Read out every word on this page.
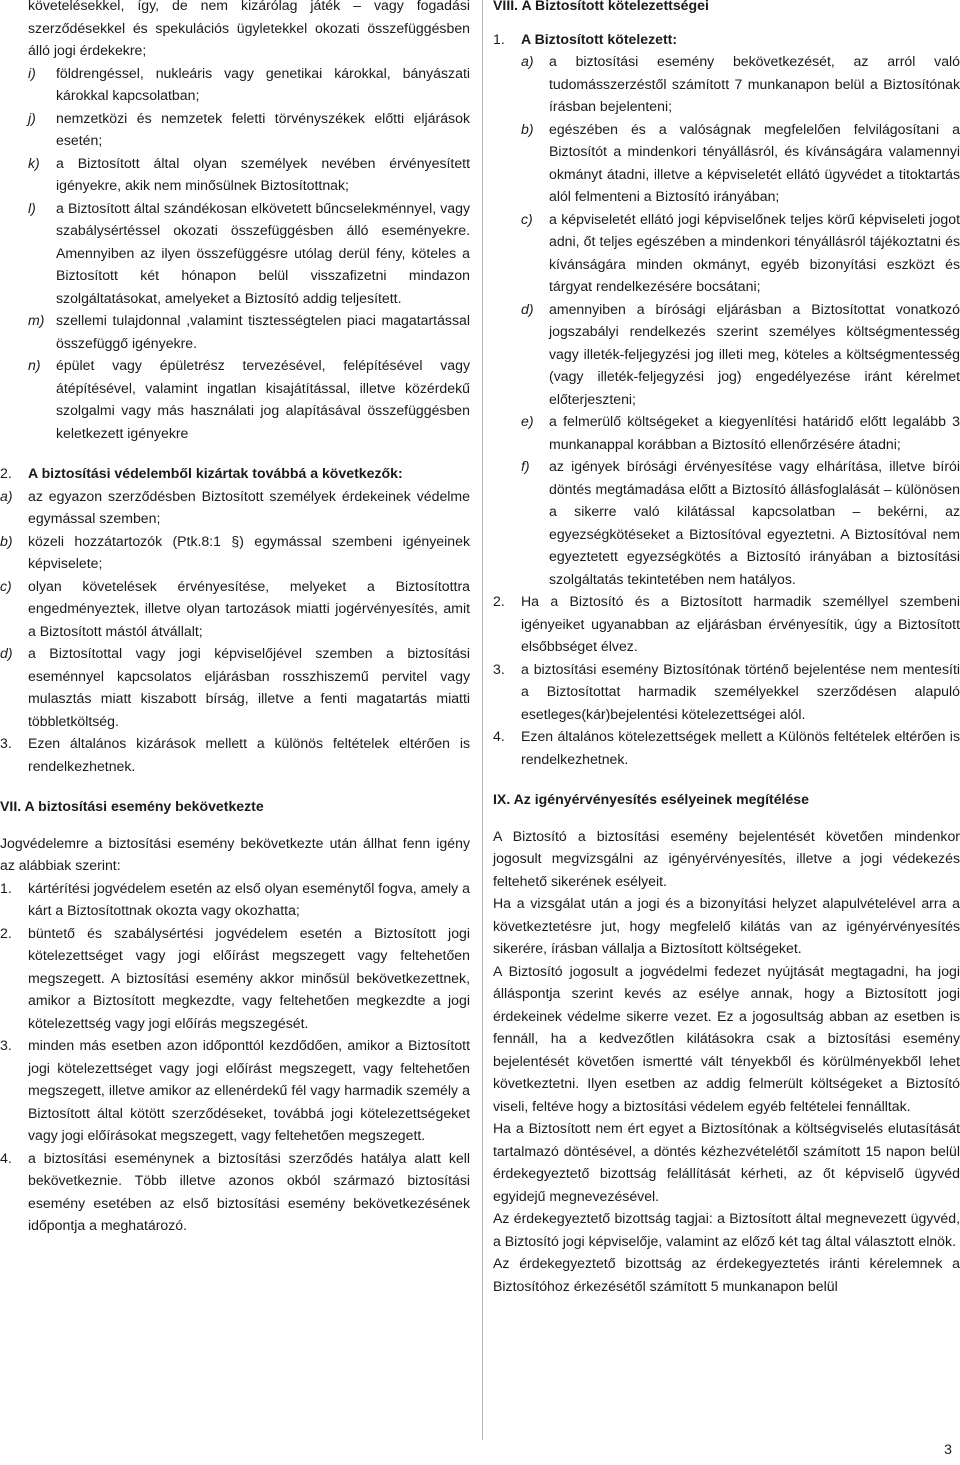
követelésekkel, így, de nem kizárólag játék – vagy fogadási szerződésekkel és spekulációs ügyletekkel okozati összefüggésben álló jogi érdekekre;

i)	földrengéssel, nukleáris vagy genetikai károkkal, bányászati károkkal kapcsolatban;
j)	nemzetközi és nemzetek feletti törvényszékek előtti eljárások esetén;
k)	a Biztosított által olyan személyek nevében érvényesített igényekre, akik nem minősülnek Biztosítottnak;
l)	a Biztosított által szándékosan elkövetett bűncselekménnyel, vagy szabálysértéssel okozati összefüggésben álló eseményekre. Amennyiben az ilyen összefüggésre utólag derül fény, köteles a Biztosított két hónapon belül visszafizetni mindazon szolgáltatásokat, amelyeket a Biztosító addig teljesített.
m) szellemi tulajdonnal ,valamint tisztességtelen piaci magatartással összefüggő igényekre.
n)	épület vagy épületrész tervezésével, felépítésével vagy átépítésével, valamint ingatlan kisajátítással, illetve közérdekű szolgalmi vagy más használati jog alapításával összefüggésben keletkezett igényekre
2.	A biztosítási védelemből kizártak továbbá a következők:
a)	az egyazon szerződésben Biztosított személyek érdekeinek védelme egymással szemben;
b)	közeli hozzátartozók (Ptk.8:1 §) egymással szembeni igényeinek képviselete;
c)	olyan követelések érvényesítése, melyeket a Biztosítottra engedményeztek, illetve olyan tartozások miatti jogérvényesítés, amit a Biztosított mástól átvállalt;
d)	a Biztosítottal vagy jogi képviselőjével szemben a biztosítási eseménnyel kapcsolatos eljárásban rosszhiszemű pervitel vagy mulasztás miatt kiszabott bírság, illetve a fenti magatartás miatti többletköltség.
3.	Ezen általános kizárások mellett a különös feltételek eltérően is rendelkezhetnek.

VII. A biztosítási esemény bekövetkezte

Jogvédelemre a biztosítási esemény bekövetkezte után állhat fenn igény az alábbiak szerint:

1.	kártérítési jogvédelem esetén az első olyan eseménytől fogva, amely a kárt a Biztosítottnak okozta vagy okozhatta;
2.	büntető és szabálysértési jogvédelem esetén a Biztosított jogi kötelezettséget vagy jogi előírást megszegett vagy feltehetően megszegett. A biztosítási esemény akkor minősül bekövetkezettnek, amikor a Biztosított megkezdte, vagy feltehetően megkezdte a jogi kötelezettség vagy jogi előírás megszegését.
3.	minden más esetben azon időponttól kezdődően, amikor a Biztosított jogi kötelezettséget vagy jogi előírást megszegett, vagy feltehetően megszegett, illetve amikor az ellenérdekű fél vagy harmadik személy a Biztosított által kötött szerződéseket, továbbá jogi kötelezettségeket vagy jogi előírásokat megszegett, vagy feltehetően megszegett.
4.	a biztosítási eseménynek a biztosítási szerződés hatálya alatt kell bekövetkeznie. Több illetve azonos okból származó biztosítási esemény esetében az első biztosítási esemény bekövetkezésének időpontja a meghatározó.

VIII. A Biztosított kötelezettségei

1.	A Biztosított kötelezett:
a)	a biztosítási esemény bekövetkezését, az arról való tudomásszerzéstől számított 7 munkanapon belül a Biztosítónak írásban bejelenteni;
b)	egészében és a valóságnak megfelelően felvilágosítani a Biztosítót a mindenkori tényállásról, és kívánságára valamennyi okmányt átadni, illetve a képviseletét ellátó ügyvédet a titoktartás alól felmenteni a Biztosító irányában;
c)	a képviseletét ellátó jogi képviselőnek teljes körű képviseleti jogot adni, őt teljes egészében a mindenkori tényállásról tájékoztatni és kívánságára minden okmányt, egyéb bizonyítási eszközt és tárgyat rendelkezésére bocsátani;
d)	amennyiben a bírósági eljárásban a Biztosítottat vonatkozó jogszabályi rendelkezés szerint személyes költségmentesség vagy illeték-feljegyzési jog illeti meg, köteles a költségmentesség (vagy illeték-feljegyzési jog) engedélyezése iránt kérelmet előterjeszteni;
e)	a felmerülő költségeket a kiegyenlítési határidő előtt legalább 3 munkanappal korábban a Biztosító ellenőrzésére átadni;
f)	az igények bírósági érvényesítése vagy elhárítása, illetve bírói döntés megtámadása előtt a Biztosító állásfoglalását – különösen a sikerre való kilátással kapcsolatban – bekérni, az egyezségkötéseket a Biztosítóval egyeztetni. A Biztosítóval nem egyeztetett egyezségkötés a Biztosító irányában a biztosítási szolgáltatás tekintetében nem hatályos.
2.	Ha a Biztosító és a Biztosított harmadik személlyel szembeni igényeiket ugyanabban az eljárásban érvényesítik, úgy a Biztosított elsőbbséget élvez.
3.	a biztosítási esemény Biztosítónak történő bejelentése nem mentesíti a Biztosítottat harmadik személyekkel szerződésen alapuló esetleges(kár)bejelentési kötelezettségei alól.
4.	Ezen általános kötelezettségek mellett a Különös feltételek eltérően is rendelkezhetnek.

IX. Az igényérvényesítés esélyeinek megítélése

A Biztosító a biztosítási esemény bejelentését követően mindenkor jogosult megvizsgálni az igényérvényesítés, illetve a jogi védekezés feltehető sikerének esélyeit.

Ha a vizsgálat után a jogi és a bizonyítási helyzet alapulvételével arra a következtetésre jut, hogy megfelelő kilátás van az igényérvényesítés sikerére, írásban vállalja a Biztosított költségeket.

A Biztosító jogosult a jogvédelmi fedezet nyújtását megtagadni, ha jogi álláspontja szerint kevés az esélye annak, hogy a Biztosított jogi érdekeinek védelme sikerre vezet. Ez a jogosultság abban az esetben is fennáll, ha a kedvezőtlen kilátásokra csak a biztosítási esemény bejelentését követően ismertté vált tényekből és körülményekből lehet következtetni. Ilyen esetben az addig felmerült költségeket a Biztosító viseli, feltéve hogy a biztosítási védelem egyéb feltételei fennálltak.

Ha a Biztosított nem ért egyet a Biztosítónak a költségviselés elutasítását tartalmazó döntésével, a döntés kézhezvételétől számított 15 napon belül érdekegyeztető bizottság felállítását kérheti, az őt képviselő ügyvéd egyidejű megnevezésével.

Az érdekegyeztető bizottság tagjai: a Biztosított által megnevezett ügyvéd, a Biztosító jogi képviselője, valamint az előző két tag által választott elnök.

Az érdekegyeztető bizottság az érdekegyeztetés iránti kérelemnek a Biztosítóhoz érkezésétől számított 5 munkanapon belül

3
